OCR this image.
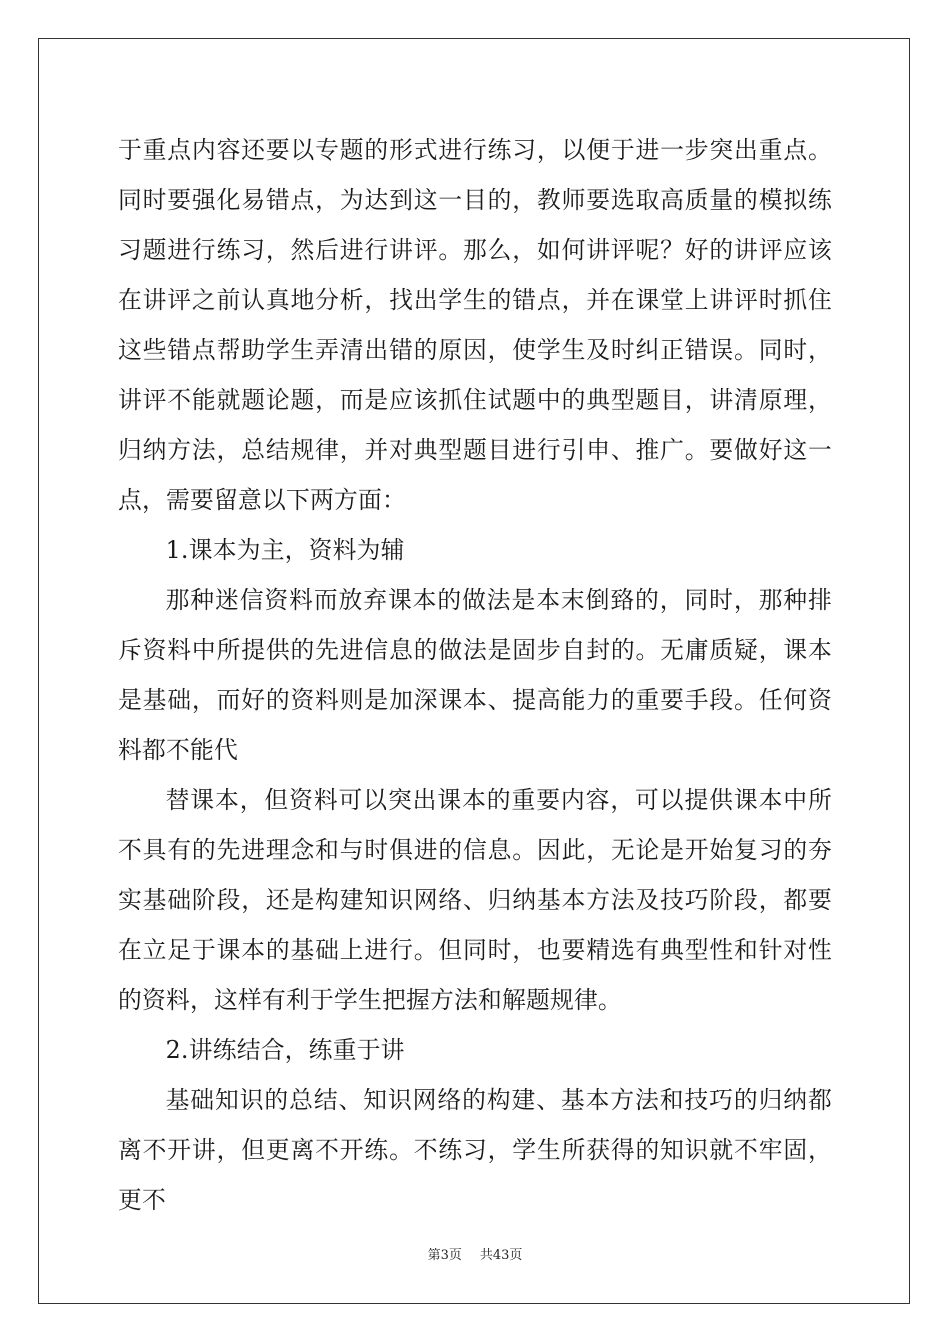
于重点内容还要以专题的形式进行练习，以便于进一步突出重点。同时要强化易错点，为达到这一目的，教师要选取高质量的模拟练习题进行练习，然后进行讲评。那么，如何讲评呢？好的讲评应该在讲评之前认真地分析，找出学生的错点，并在课堂上讲评时抓住这些错点帮助学生弄清出错的原因，使学生及时纠正错误。同时，讲评不能就题论题，而是应该抓住试题中的典型题目，讲清原理，归纳方法，总结规律，并对典型题目进行引申、推广。要做好这一点，需要留意以下两方面：

1.课本为主，资料为辅

那种迷信资料而放弃课本的做法是本末倒臵的，同时，那种排斥资料中所提供的先进信息的做法是固步自封的。无庸质疑，课本是基础，而好的资料则是加深课本、提高能力的重要手段。任何资料都不能代

替课本，但资料可以突出课本的重要内容，可以提供课本中所不具有的先进理念和与时俱进的信息。因此，无论是开始复习的夯实基础阶段，还是构建知识网络、归纳基本方法及技巧阶段，都要在立足于课本的基础上进行。但同时，也要精选有典型性和针对性的资料，这样有利于学生把握方法和解题规律。

2.讲练结合，练重于讲

基础知识的总结、知识网络的构建、基本方法和技巧的归纳都离不开讲，但更离不开练。不练习，学生所获得的知识就不牢固，更不

第3页 共43页
